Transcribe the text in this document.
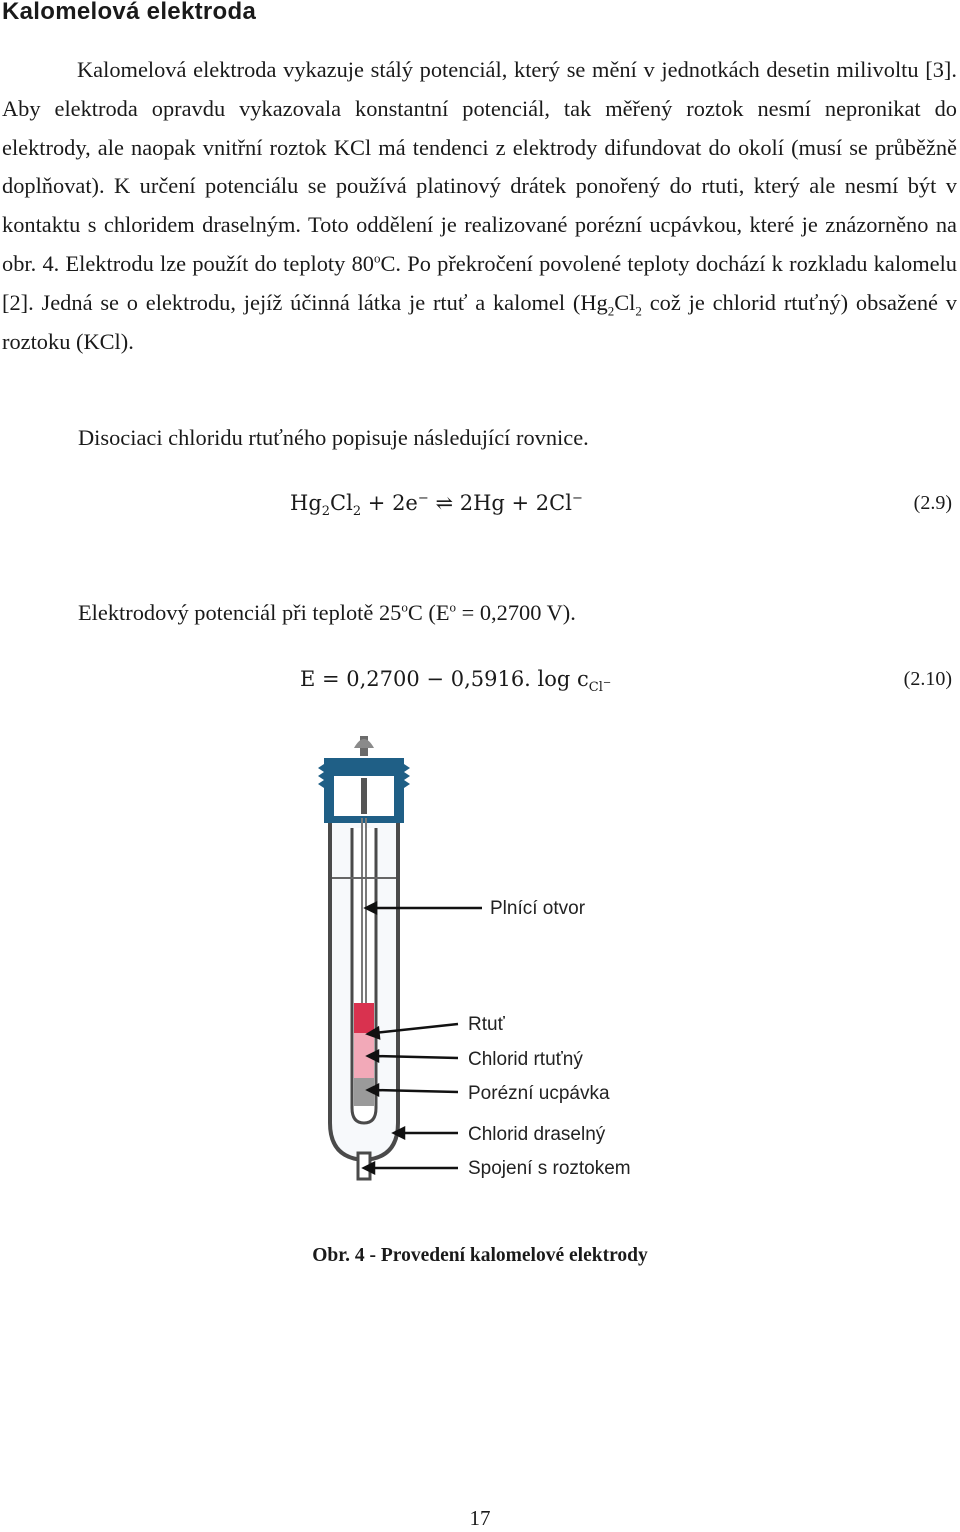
Kalomelová elektroda

Kalomelová elektroda vykazuje stálý potenciál, který se mění v jednotkách desetin milivoltu [3]. Aby elektroda opravdu vykazovala konstantní potenciál, tak měřený roztok nesmí nepronikat do elektrody, ale naopak vnitřní roztok KCl má tendenci z elektrody difundovat do okolí (musí se průběžně doplňovat). K určení potenciálu se používá platinový drátek ponořený do rtuti, který ale nesmí být v kontaktu s chloridem draselným. Toto oddělení je realizované porézní ucpávkou, které je znázorněno na obr. 4. Elektrodu lze použít do teploty 80$^o$C. Po překročení povolené teploty dochází k rozkladu kalomelu [2]. Jedná se o elektrodu, jejíž účinná látka je rtuť a kalomel ($Hg_2Cl_2$ což je chlorid rtuťný) obsažené v roztoku (KCl).

Disociaci chloridu rtuťného popisuje následující rovnice.

$Hg_2Cl_2 + 2e^-$ ⇌ 2Hg + 2Cl−	(2.9)

Elektrodový potenciál při teplotě 25$^o$C ($E^o = 0,2700$ V).

E = 0,2700 − 0,5916. $\log c_{Cl^-}$	(2.10)
Plnící otvor
Rtuť
Chlorid rtuťný
Porézní ucpávka
Chlorid draselný
Spojení s roztokem
Obr. 4 - Provedení kalomelové elektrody
17
